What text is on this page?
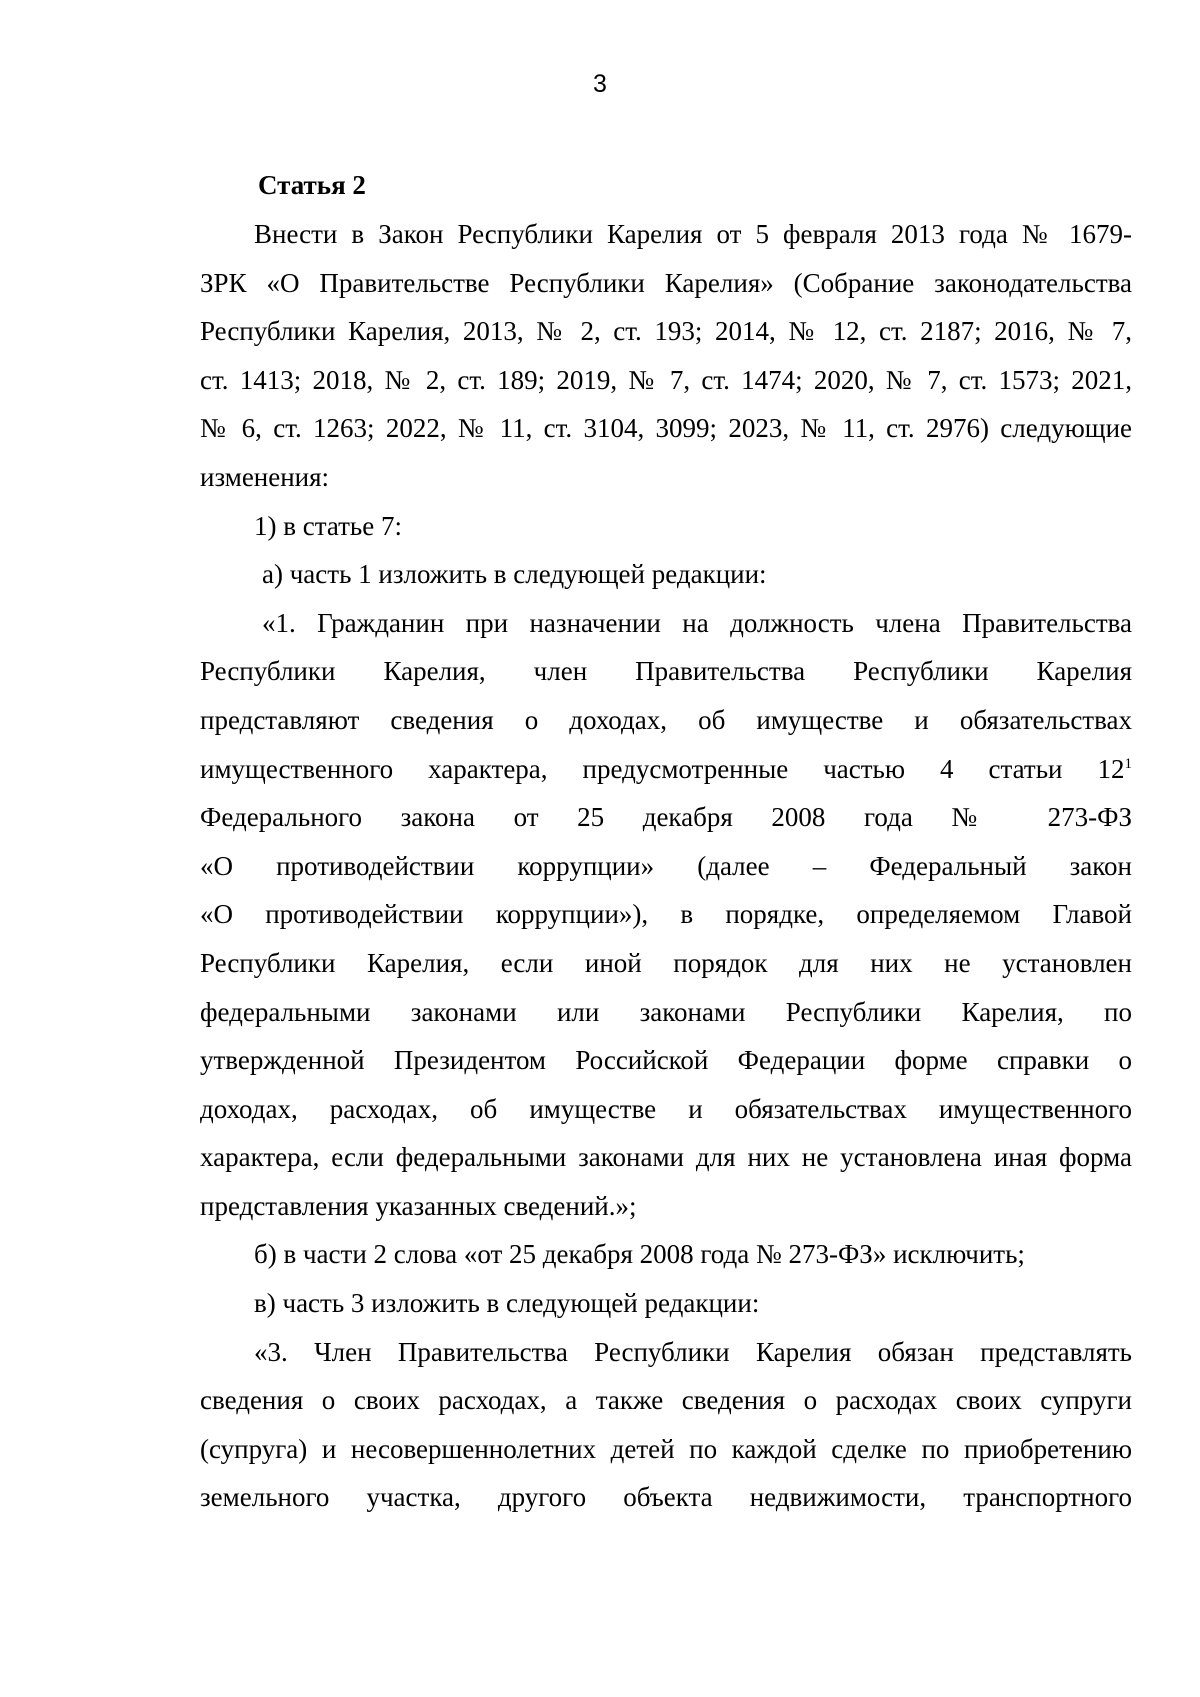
3

Статья 2

Внести в Закон Республики Карелия от 5 февраля 2013 года № 1679-
ЗРК «О Правительстве Республики Карелия» (Собрание законодательства
Республики Карелия, 2013, № 2, ст. 193; 2014, № 12, ст. 2187; 2016, № 7,
ст. 1413; 2018, № 2, ст. 189; 2019, № 7, ст. 1474; 2020, № 7, ст. 1573; 2021,
№ 6, ст. 1263; 2022, № 11, ст. 3104, 3099; 2023, № 11, ст. 2976) следующие
изменения:
1) в статье 7:
а) часть 1 изложить в следующей редакции:
«1. Гражданин при назначении на должность члена Правительства
Республики Карелия, член Правительства Республики Карелия
представляют сведения о доходах, об имуществе и обязательствах
имущественного характера, предусмотренные частью 4 статьи $12^1$
Федерального закона от 25 декабря 2008 года № 273-ФЗ
«О противодействии коррупции» (далее – Федеральный закон
«О противодействии коррупции»), в порядке, определяемом Главой
Республики Карелия, если иной порядок для них не установлен
федеральными законами или законами Республики Карелия, по
утвержденной Президентом Российской Федерации форме справки о
доходах, расходах, об имуществе и обязательствах имущественного
характера, если федеральными законами для них не установлена иная форма
представления указанных сведений.»;
б) в части 2 слова «от 25 декабря 2008 года № 273-ФЗ» исключить;
в) часть 3 изложить в следующей редакции:
«3. Член Правительства Республики Карелия обязан представлять
сведения о своих расходах, а также сведения о расходах своих супруги
(супруга) и несовершеннолетних детей по каждой сделке по приобретению
земельного участка, другого объекта недвижимости, транспортного
